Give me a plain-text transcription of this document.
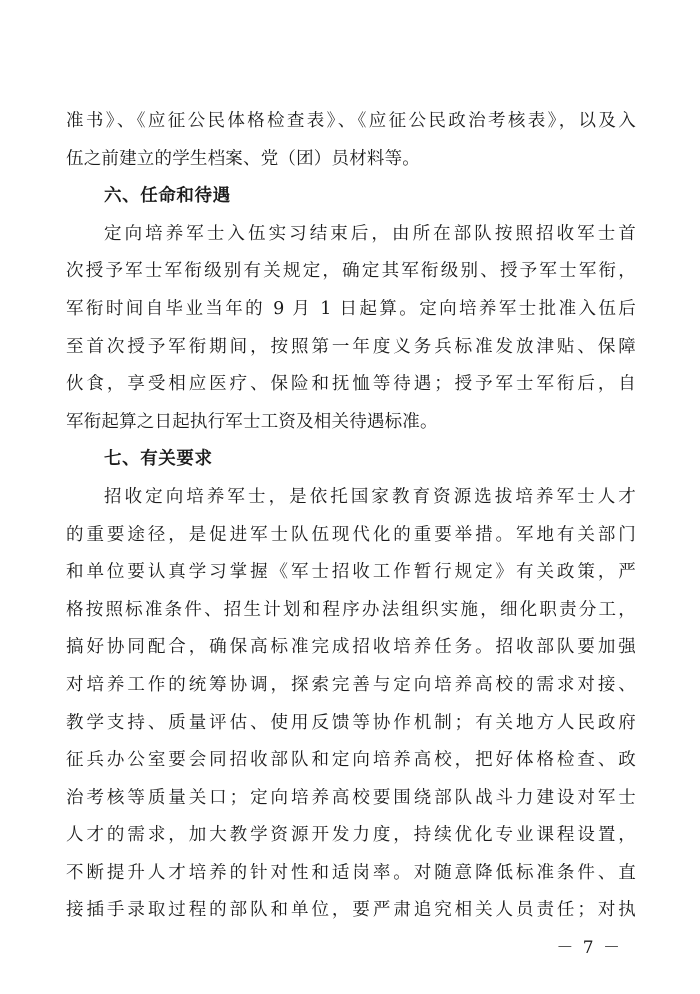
准书》、《应征公民体格检查表》、《应征公民政治考核表》，以及入
伍之前建立的学生档案、党（团）员材料等。
六、任命和待遇
定向培养军士入伍实习结束后，由所在部队按照招收军士首
次授予军士军衔级别有关规定，确定其军衔级别、授予军士军衔，
军衔时间自毕业当年的 9 月 1 日起算。定向培养军士批准入伍后
至首次授予军衔期间，按照第一年度义务兵标准发放津贴、保障
伙食，享受相应医疗、保险和抚恤等待遇；授予军士军衔后，自
军衔起算之日起执行军士工资及相关待遇标准。
七、有关要求
招收定向培养军士，是依托国家教育资源选拔培养军士人才
的重要途径，是促进军士队伍现代化的重要举措。军地有关部门
和单位要认真学习掌握《军士招收工作暂行规定》有关政策，严
格按照标准条件、招生计划和程序办法组织实施，细化职责分工，
搞好协同配合，确保高标准完成招收培养任务。招收部队要加强
对培养工作的统筹协调，探索完善与定向培养高校的需求对接、
教学支持、质量评估、使用反馈等协作机制；有关地方人民政府
征兵办公室要会同招收部队和定向培养高校，把好体格检查、政
治考核等质量关口；定向培养高校要围绕部队战斗力建设对军士
人才的需求，加大教学资源开发力度，持续优化专业课程设置，
不断提升人才培养的针对性和适岗率。对随意降低标准条件、直
接插手录取过程的部队和单位，要严肃追究相关人员责任；对执
－ 7 －
